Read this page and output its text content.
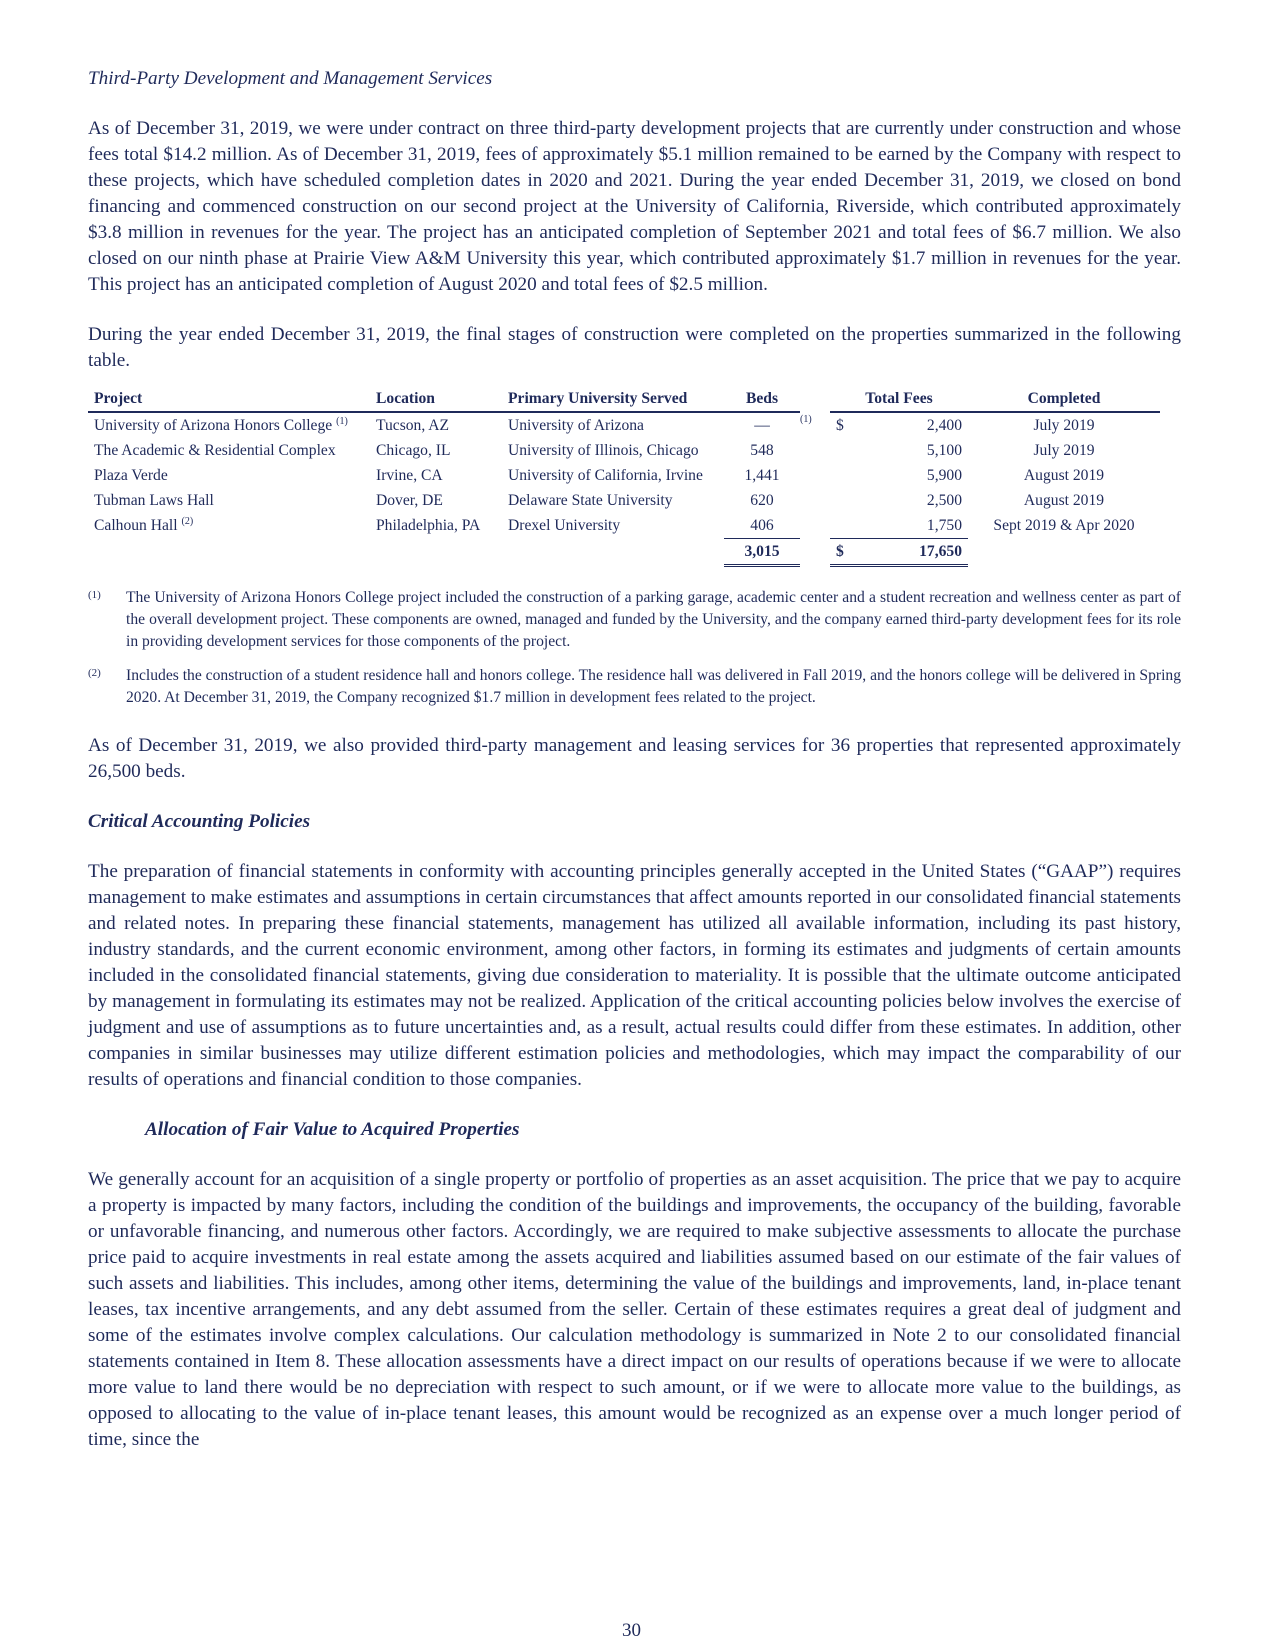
Third-Party Development and Management Services

As of December 31, 2019, we were under contract on three third-party development projects that are currently under construction and whose fees total $14.2 million. As of December 31, 2019, fees of approximately $5.1 million remained to be earned by the Company with respect to these projects, which have scheduled completion dates in 2020 and 2021. During the year ended December 31, 2019, we closed on bond financing and commenced construction on our second project at the University of California, Riverside, which contributed approximately $3.8 million in revenues for the year. The project has an anticipated completion of September 2021 and total fees of $6.7 million. We also closed on our ninth phase at Prairie View A&M University this year, which contributed approximately $1.7 million in revenues for the year. This project has an anticipated completion of August 2020 and total fees of $2.5 million.

During the year ended December 31, 2019, the final stages of construction were completed on the properties summarized in the following table.

Project	Location	Primary University Served	Beds		Total Fees		Completed
University of Arizona Honors College $^{(1)}$	Tucson, AZ	University of Arizona	—	(1)	$	2,400	July 2019
The Academic & Residential Complex	Chicago, IL	University of Illinois, Chicago	548			5,100	July 2019
Plaza Verde	Irvine, CA	University of California, Irvine	1,441			5,900	August 2019
Tubman Laws Hall	Dover, DE	Delaware State University	620			2,500	August 2019
Calhoun Hall $^{(2)}$	Philadelphia, PA	Drexel University	406			1,750	Sept 2019 & Apr 2020
			3,015		$	17,650	
(1) The University of Arizona Honors College project included the construction of a parking garage, academic center and a student recreation and wellness center as part of the overall development project. These components are owned, managed and funded by the University, and the company earned third-party development fees for its role in providing development services for those components of the project.
(2) Includes the construction of a student residence hall and honors college. The residence hall was delivered in Fall 2019, and the honors college will be delivered in Spring 2020. At December 31, 2019, the Company recognized $1.7 million in development fees related to the project.

As of December 31, 2019, we also provided third-party management and leasing services for 36 properties that represented approximately 26,500 beds.

Critical Accounting Policies

The preparation of financial statements in conformity with accounting principles generally accepted in the United States (“GAAP”) requires management to make estimates and assumptions in certain circumstances that affect amounts reported in our consolidated financial statements and related notes. In preparing these financial statements, management has utilized all available information, including its past history, industry standards, and the current economic environment, among other factors, in forming its estimates and judgments of certain amounts included in the consolidated financial statements, giving due consideration to materiality. It is possible that the ultimate outcome anticipated by management in formulating its estimates may not be realized. Application of the critical accounting policies below involves the exercise of judgment and use of assumptions as to future uncertainties and, as a result, actual results could differ from these estimates. In addition, other companies in similar businesses may utilize different estimation policies and methodologies, which may impact the comparability of our results of operations and financial condition to those companies.

Allocation of Fair Value to Acquired Properties

We generally account for an acquisition of a single property or portfolio of properties as an asset acquisition. The price that we pay to acquire a property is impacted by many factors, including the condition of the buildings and improvements, the occupancy of the building, favorable or unfavorable financing, and numerous other factors. Accordingly, we are required to make subjective assessments to allocate the purchase price paid to acquire investments in real estate among the assets acquired and liabilities assumed based on our estimate of the fair values of such assets and liabilities. This includes, among other items, determining the value of the buildings and improvements, land, in-place tenant leases, tax incentive arrangements, and any debt assumed from the seller. Certain of these estimates requires a great deal of judgment and some of the estimates involve complex calculations. Our calculation methodology is summarized in Note 2 to our consolidated financial statements contained in Item 8. These allocation assessments have a direct impact on our results of operations because if we were to allocate more value to land there would be no depreciation with respect to such amount, or if we were to allocate more value to the buildings, as opposed to allocating to the value of in-place tenant leases, this amount would be recognized as an expense over a much longer period of time, since the

30
